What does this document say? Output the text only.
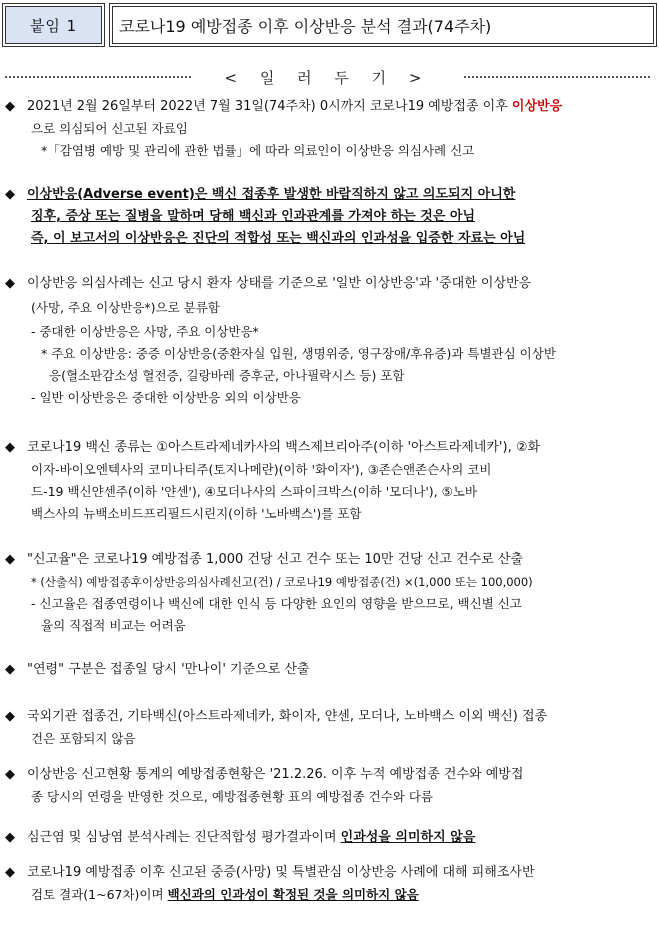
붙임 1	코로나19 예방접종 이후 이상반응 분석 결과(74주차)
< 일 러 두 기 >
◆ 2021년 2월 26일부터 2022년 7월 31일(74주차) 0시까지 코로나19 예방접종 이후 이상반응
으로 의심되어 신고된 자료임
*「감염병 예방 및 관리에 관한 법률」에 따라 의료인이 이상반응 의심사례 신고
◆ 이상반응(Adverse event)은 백신 접종후 발생한 바람직하지 않고 의도되지 아니한
징후, 증상 또는 질병을 말하며 당해 백신과 인과관계를 가져야 하는 것은 아님
즉, 이 보고서의 이상반응은 진단의 적합성 또는 백신과의 인과성을 입증한 자료는 아님
◆ 이상반응 의심사례는 신고 당시 환자 상태를 기준으로 '일반 이상반응'과 '중대한 이상반응
(사망, 주요 이상반응*)으로 분류함
- 중대한 이상반응은 사망, 주요 이상반응*
* 주요 이상반응: 중증 이상반응(중환자실 입원, 생명위중, 영구장애/후유증)과 특별관심 이상반
응(혈소판감소성 혈전증, 길랑바레 증후군, 아나필락시스 등) 포함
- 일반 이상반응은 중대한 이상반응 외의 이상반응
◆ 코로나19 백신 종류는 ①아스트라제네카사의 백스제브리아주(이하 '아스트라제네카'), ②화
이자-바이오엔텍사의 코미나티주(토지나메란)(이하 '화이자'), ③존슨앤존슨사의 코비
드-19 백신얀센주(이하 '얀센'), ④모더나사의 스파이크박스(이하 '모더나'), ⑤노바
백스사의 뉴백소비드프리필드시린지(이하 '노바백스')를 포함
◆ "신고율"은 코로나19 예방접종 1,000 건당 신고 건수 또는 10만 건당 신고 건수로 산출
* (산출식) 예방접종후이상반응의심사례신고(건) / 코로나19 예방접종(건) ×(1,000 또는 100,000)
- 신고율은 접종연령이나 백신에 대한 인식 등 다양한 요인의 영향을 받으므로, 백신별 신고
율의 직접적 비교는 어려움
◆ "연령" 구분은 접종일 당시 '만나이' 기준으로 산출
◆ 국외기관 접종건, 기타백신(아스트라제네카, 화이자, 얀센, 모더나, 노바백스 이외 백신) 접종
건은 포함되지 않음
◆ 이상반응 신고현황 통계의 예방접종현황은 '21.2.26. 이후 누적 예방접종 건수와 예방접
종 당시의 연령을 반영한 것으로, 예방접종현황 표의 예방접종 건수와 다름
◆ 심근염 및 심낭염 분석사례는 진단적합성 평가결과이며 인과성을 의미하지 않음
◆ 코로나19 예방접종 이후 신고된 중증(사망) 및 특별관심 이상반응 사례에 대해 피해조사반
검토 결과(1~67차)이며 백신과의 인과성이 확정된 것을 의미하지 않음
